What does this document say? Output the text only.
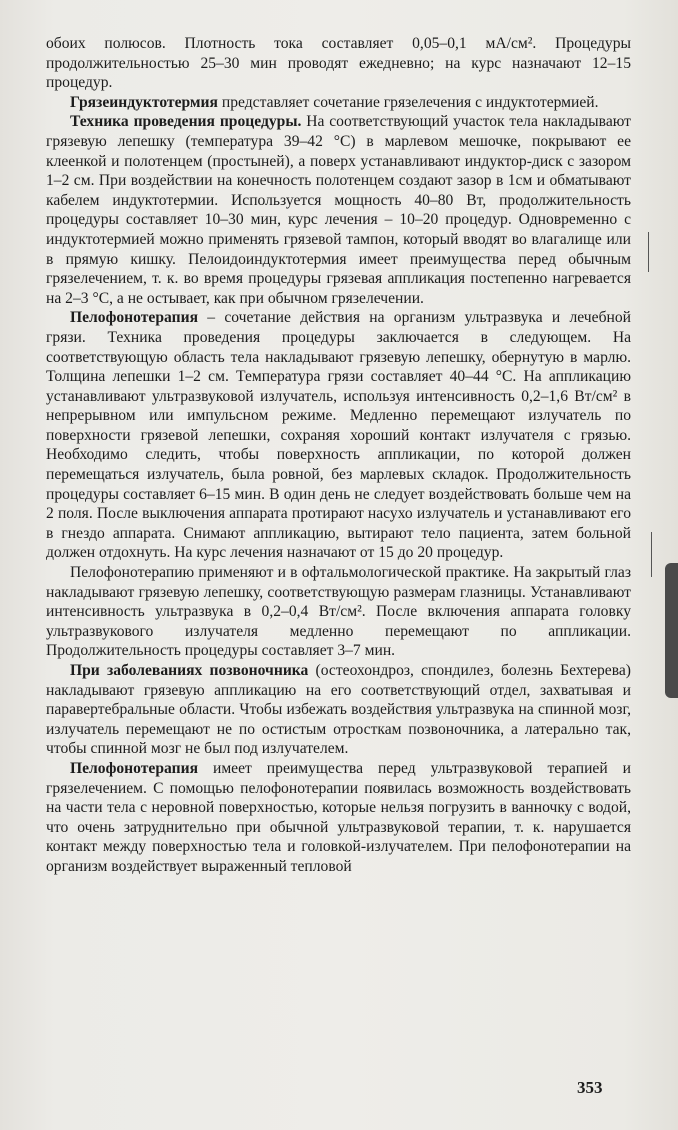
обоих полюсов. Плотность тока составляет 0,05–0,1 мА/см². Процедуры продолжительностью 25–30 мин проводят ежедневно; на курс назначают 12–15 процедур.

Грязеиндуктотермия представляет сочетание грязелечения с индуктотермией.

Техника проведения процедуры. На соответствующий участок тела накладывают грязевую лепешку (температура 39–42 °С) в марлевом мешочке, покрывают ее клеенкой и полотенцем (простыней), а поверх устанавливают индуктор-диск с зазором 1–2 см. При воздействии на конечность полотенцем создают зазор в 1см и обматывают кабелем индуктотермии. Используется мощность 40–80 Вт, продолжительность процедуры составляет 10–30 мин, курс лечения – 10–20 процедур. Одновременно с индуктотермией можно применять грязевой тампон, который вводят во влагалище или в прямую кишку. Пелоидоиндуктотермия имеет преимущества перед обычным грязелечением, т. к. во время процедуры грязевая аппликация постепенно нагревается на 2–3 °С, а не остывает, как при обычном грязелечении.

Пелофонотерапия – сочетание действия на организм ультразвука и лечебной грязи. Техника проведения процедуры заключается в следующем. На соответствующую область тела накладывают грязевую лепешку, обернутую в марлю. Толщина лепешки 1–2 см. Температура грязи составляет 40–44 °С. На аппликацию устанавливают ультразвуковой излучатель, используя интенсивность 0,2–1,6 Вт/см² в непрерывном или импульсном режиме. Медленно перемещают излучатель по поверхности грязевой лепешки, сохраняя хороший контакт излучателя с грязью. Необходимо следить, чтобы поверхность аппликации, по которой должен перемещаться излучатель, была ровной, без марлевых складок. Продолжительность процедуры составляет 6–15 мин. В один день не следует воздействовать больше чем на 2 поля. После выключения аппарата протирают насухо излучатель и устанавливают его в гнездо аппарата. Снимают аппликацию, вытирают тело пациента, затем больной должен отдохнуть. На курс лечения назначают от 15 до 20 процедур.

Пелофонотерапию применяют и в офтальмологической практике. На закрытый глаз накладывают грязевую лепешку, соответствующую размерам глазницы. Устанавливают интенсивность ультразвука в 0,2–0,4 Вт/см². После включения аппарата головку ультразвукового излучателя медленно перемещают по аппликации. Продолжительность процедуры составляет 3–7 мин.

При заболеваниях позвоночника (остеохондроз, спондилез, болезнь Бехтерева) накладывают грязевую аппликацию на его соответствующий отдел, захватывая и паравертебральные области. Чтобы избежать воздействия ультразвука на спинной мозг, излучатель перемещают не по остистым отросткам позвоночника, а латерально так, чтобы спинной мозг не был под излучателем.

Пелофонотерапия имеет преимущества перед ультразвуковой терапией и грязелечением. С помощью пелофонотерапии появилась возможность воздействовать на части тела с неровной поверхностью, которые нельзя погрузить в ванночку с водой, что очень затруднительно при обычной ультразвуковой терапии, т. к. нарушается контакт между поверхностью тела и головкой-излучателем. При пелофонотерапии на организм воздействует выраженный тепловой

353
